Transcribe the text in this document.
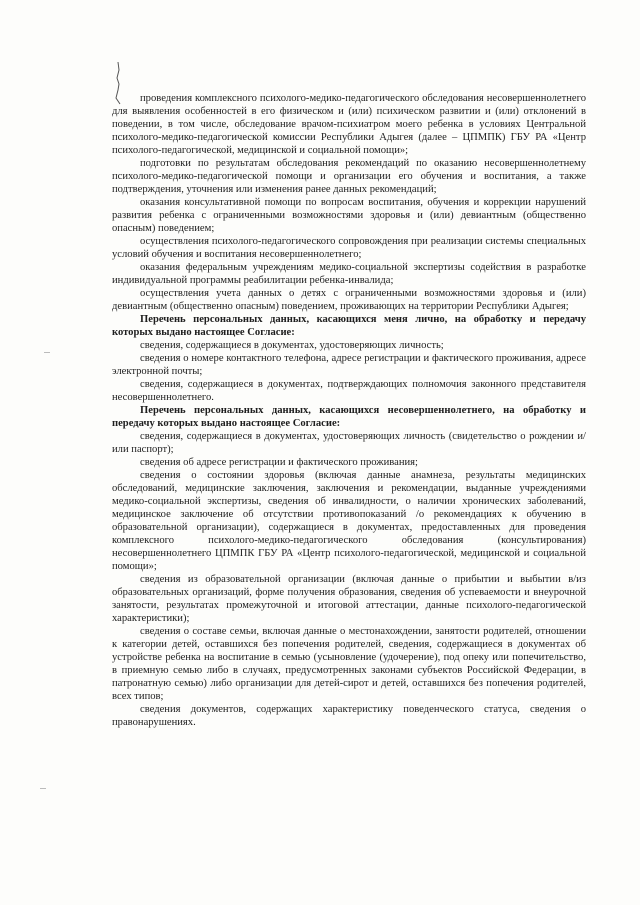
проведения комплексного психолого-медико-педагогического обследования несовершеннолетнего для выявления особенностей в его физическом и (или) психическом развитии и (или) отклонений в поведении, в том числе, обследование врачом-психиатром моего ребенка в условиях Центральной психолого-медико-педагогической комиссии Республики Адыгея (далее – ЦПМПК) ГБУ РА «Центр психолого-педагогической, медицинской и социальной помощи»;

подготовки по результатам обследования рекомендаций по оказанию несовершеннолетнему психолого-медико-педагогической помощи и организации его обучения и воспитания, а также подтверждения, уточнения или изменения ранее данных рекомендаций;

оказания консультативной помощи по вопросам воспитания, обучения и коррекции нарушений развития ребенка с ограниченными возможностями здоровья и (или) девиантным (общественно опасным) поведением;

осуществления психолого-педагогического сопровождения при реализации системы специальных условий обучения и воспитания несовершеннолетнего;

оказания федеральным учреждениям медико-социальной экспертизы содействия в разработке индивидуальной программы реабилитации ребенка-инвалида;

осуществления учета данных о детях с ограниченными возможностями здоровья и (или) девиантным (общественно опасным) поведением, проживающих на территории Республики Адыгея;

Перечень персональных данных, касающихся меня лично, на обработку и передачу которых выдано настоящее Согласие:

сведения, содержащиеся в документах, удостоверяющих личность;

сведения о номере контактного телефона, адресе регистрации и фактического проживания, адресе электронной почты;

сведения, содержащиеся в документах, подтверждающих полномочия законного представителя несовершеннолетнего.

Перечень персональных данных, касающихся несовершеннолетнего, на обработку и передачу которых выдано настоящее Согласие:

сведения, содержащиеся в документах, удостоверяющих личность (свидетельство о рождении и/или паспорт);

сведения об адресе регистрации и фактического проживания;

сведения о состоянии здоровья (включая данные анамнеза, результаты медицинских обследований, медицинские заключения, заключения и рекомендации, выданные учреждениями медико-социальной экспертизы, сведения об инвалидности, о наличии хронических заболеваний, медицинское заключение об отсутствии противопоказаний /о рекомендациях к обучению в образовательной организации), содержащиеся в документах, предоставленных для проведения комплексного психолого-медико-педагогического обследования (консультирования) несовершеннолетнего ЦПМПК ГБУ РА «Центр психолого-педагогической, медицинской и социальной помощи»;

сведения из образовательной организации (включая данные о прибытии и выбытии в/из образовательных организаций, форме получения образования, сведения об успеваемости и внеурочной занятости, результатах промежуточной и итоговой аттестации, данные психолого-педагогической характеристики);

сведения о составе семьи, включая данные о местонахождении, занятости родителей, отношении к категории детей, оставшихся без попечения родителей, сведения, содержащиеся в документах об устройстве ребенка на воспитание в семью (усыновление (удочерение), под опеку или попечительство, в приемную семью либо в случаях, предусмотренных законами субъектов Российской Федерации, в патронатную семью) либо организации для детей-сирот и детей, оставшихся без попечения родителей, всех типов;

сведения документов, содержащих характеристику поведенческого статуса, сведения о правонарушениях.
